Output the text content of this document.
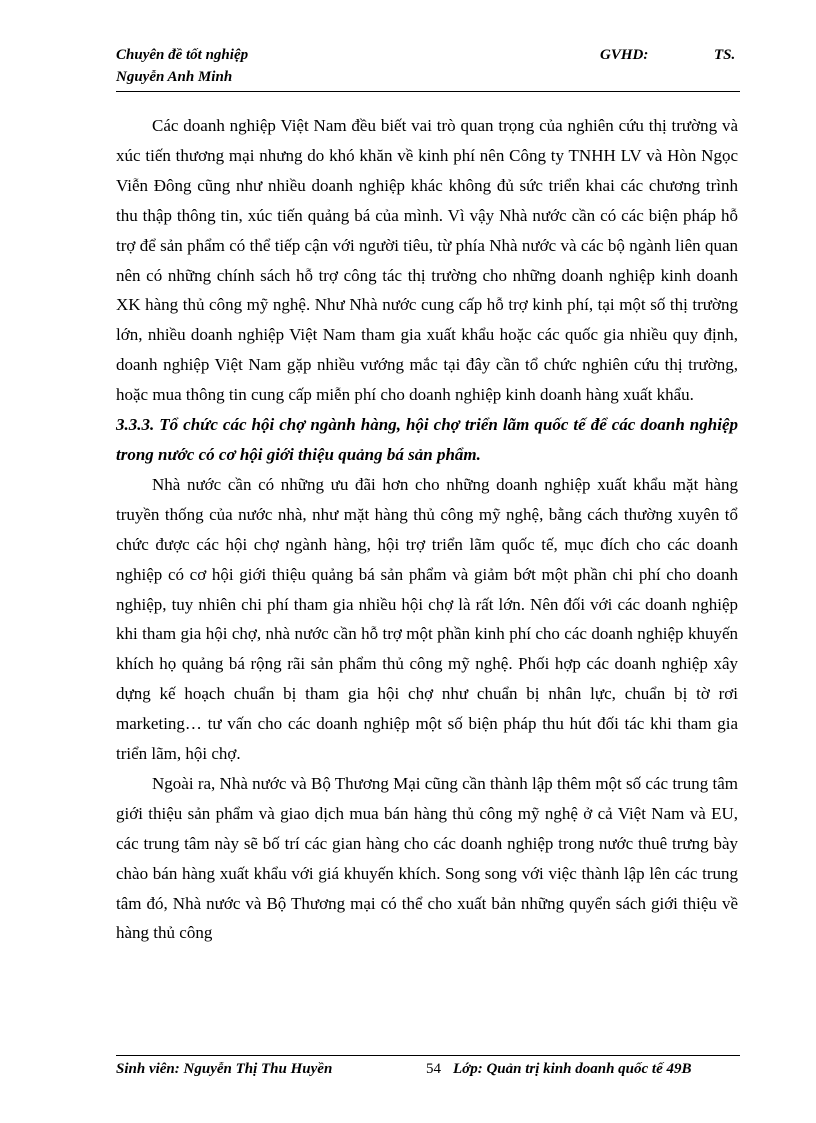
Chuyên đề tốt nghiệp
Nguyễn Anh Minh
GVHD:	TS.

Các doanh nghiệp Việt Nam đều biết vai trò quan trọng của nghiên cứu thị trường và xúc tiến thương mại nhưng do khó khăn về kinh phí nên Công ty TNHH LV và Hòn Ngọc Viễn Đông cũng như nhiều doanh nghiệp khác không đủ sức triển khai các chương trình thu thập thông tin, xúc tiến quảng bá của mình. Vì vậy Nhà nước cần có các biện pháp hỗ trợ để sản phẩm có thể tiếp cận với người tiêu, từ phía Nhà nước và các bộ ngành liên quan nên có những chính sách hỗ trợ công tác thị trường cho những doanh nghiệp kinh doanh XK hàng thủ công mỹ nghệ. Như Nhà nước cung cấp hỗ trợ kinh phí, tại một số thị trường lớn, nhiều doanh nghiệp Việt Nam tham gia xuất khẩu hoặc các quốc gia nhiều quy định, doanh nghiệp Việt Nam gặp nhiều vướng mắc tại đây cần tổ chức nghiên cứu thị trường, hoặc mua thông tin cung cấp miễn phí cho doanh nghiệp kinh doanh hàng xuất khẩu.

3.3.3. Tổ chức các hội chợ ngành hàng, hội chợ triển lãm quốc tế để các doanh nghiệp trong nước có cơ hội giới thiệu quảng bá sản phẩm.

Nhà nước cần có những ưu đãi hơn cho những doanh nghiệp xuất khẩu mặt hàng truyền thống của nước nhà, như mặt hàng thủ công mỹ nghệ, bằng cách thường xuyên tổ chức được các hội chợ ngành hàng, hội trợ triển lãm quốc tế, mục đích cho các doanh nghiệp có cơ hội giới thiệu quảng bá sản phẩm và giảm bớt một phần chi phí cho doanh nghiệp, tuy nhiên chi phí tham gia nhiều hội chợ là rất lớn. Nên đối với các doanh nghiệp khi tham gia hội chợ, nhà nước cần hỗ trợ một phần kinh phí cho các doanh nghiệp khuyến khích họ quảng bá rộng rãi sản phẩm thủ công mỹ nghệ. Phối hợp các doanh nghiệp xây dựng kế hoạch chuẩn bị tham gia hội chợ như chuẩn bị nhân lực, chuẩn bị tờ rơi marketing… tư vấn cho các doanh nghiệp một số biện pháp thu hút đối tác khi tham gia triển lãm, hội chợ.

Ngoài ra, Nhà nước và Bộ Thương Mại cũng cần thành lập thêm một số các trung tâm giới thiệu sản phẩm và giao dịch mua bán hàng thủ công mỹ nghệ ở cả Việt Nam và EU, các trung tâm này sẽ bố trí các gian hàng cho các doanh nghiệp trong nước thuê trưng bày chào bán hàng xuất khẩu với giá khuyến khích. Song song với việc thành lập lên các trung tâm đó, Nhà nước và Bộ Thương mại có thể cho xuất bản những quyển sách giới thiệu về hàng thủ công

Sinh viên: Nguyễn Thị Thu Huyền	54 Lớp: Quản trị kinh doanh quốc tế 49B
